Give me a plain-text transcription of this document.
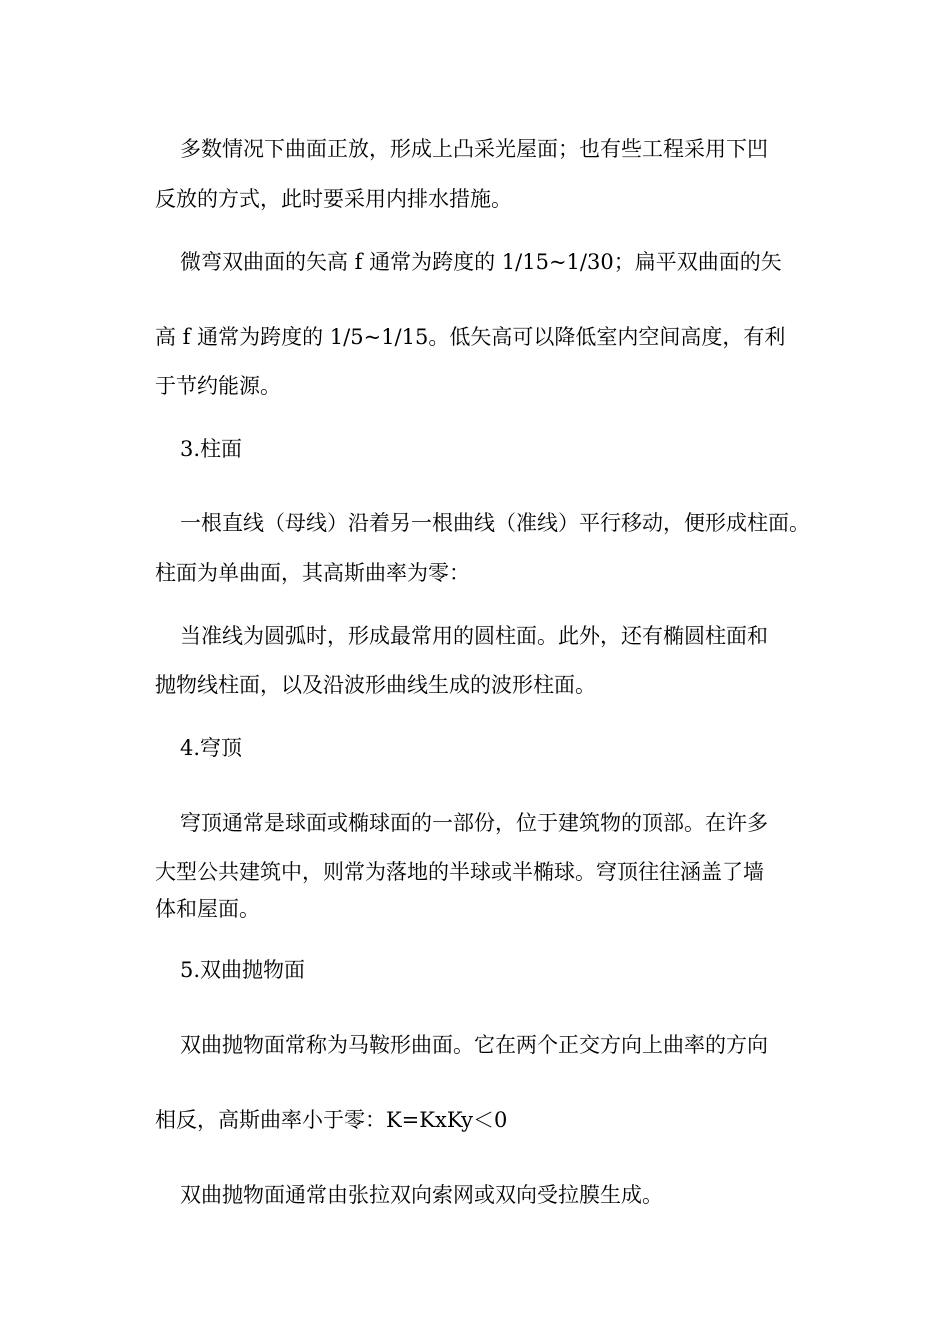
多数情况下曲面正放，形成上凸采光屋面；也有些工程采用下凹
反放的方式，此时要采用内排水措施。
微弯双曲面的矢高 f 通常为跨度的 1/15~1/30；扁平双曲面的矢
高 f 通常为跨度的 1/5~1/15。低矢高可以降低室内空间高度，有利
于节约能源。
3.柱面
一根直线（母线）沿着另一根曲线（准线）平行移动，便形成柱面。
柱面为单曲面，其高斯曲率为零：
当准线为圆弧时，形成最常用的圆柱面。此外，还有椭圆柱面和
抛物线柱面，以及沿波形曲线生成的波形柱面。
4.穹顶
穹顶通常是球面或椭球面的一部份，位于建筑物的顶部。在许多
大型公共建筑中，则常为落地的半球或半椭球。穹顶往往涵盖了墙
体和屋面。
5.双曲抛物面
双曲抛物面常称为马鞍形曲面。它在两个正交方向上曲率的方向
相反，高斯曲率小于零：K=KxKy＜0
双曲抛物面通常由张拉双向索网或双向受拉膜生成。
